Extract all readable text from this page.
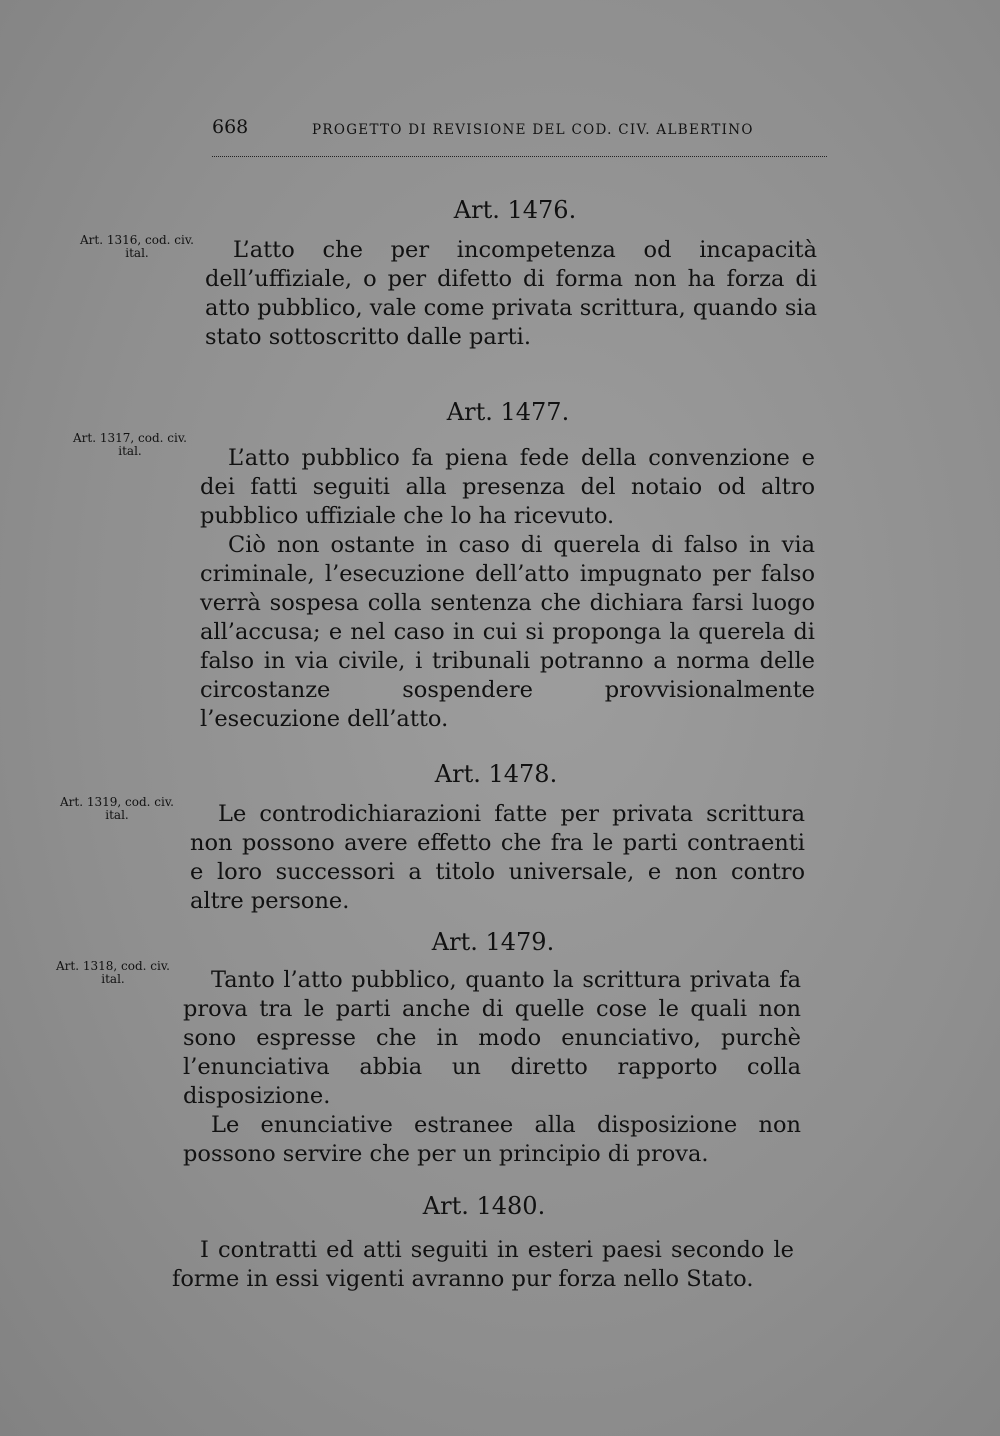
668	PROGETTO DI REVISIONE DEL COD. CIV. ALBERTINO
Art. 1476.
Art. 1316, cod. civ. ital.	L’atto che per incompetenza od incapacità dell’uffiziale, o per difetto di forma non ha forza di atto pubblico, vale come privata scrittura, quando sia stato sottoscritto dalle parti.

Art. 1477.
Art. 1317, cod. civ. ital.	L’atto pubblico fa piena fede della convenzione e dei fatti seguiti alla presenza del notaio od altro pubblico uffiziale che lo ha ricevuto.

Ciò non ostante in caso di querela di falso in via criminale, l’esecuzione dell’atto impugnato per falso verrà sospesa colla sentenza che dichiara farsi luogo all’accusa; e nel caso in cui si proponga la querela di falso in via civile, i tribunali potranno a norma delle circostanze sospendere provvisionalmente l’esecuzione dell’atto.

Art. 1478.
Art. 1319, cod. civ. ital.	Le controdichiarazioni fatte per privata scrittura non possono avere effetto che fra le parti contraenti e loro successori a titolo universale, e non contro altre persone.

Art. 1479.
Art. 1318, cod. civ. ital.	Tanto l’atto pubblico, quanto la scrittura privata fa prova tra le parti anche di quelle cose le quali non sono espresse che in modo enunciativo, purchè l’enunciativa abbia un diretto rapporto colla disposizione.

Le enunciative estranee alla disposizione non possono servire che per un principio di prova.

Art. 1480.

I contratti ed atti seguiti in esteri paesi secondo le forme in essi vigenti avranno pur forza nello Stato.
